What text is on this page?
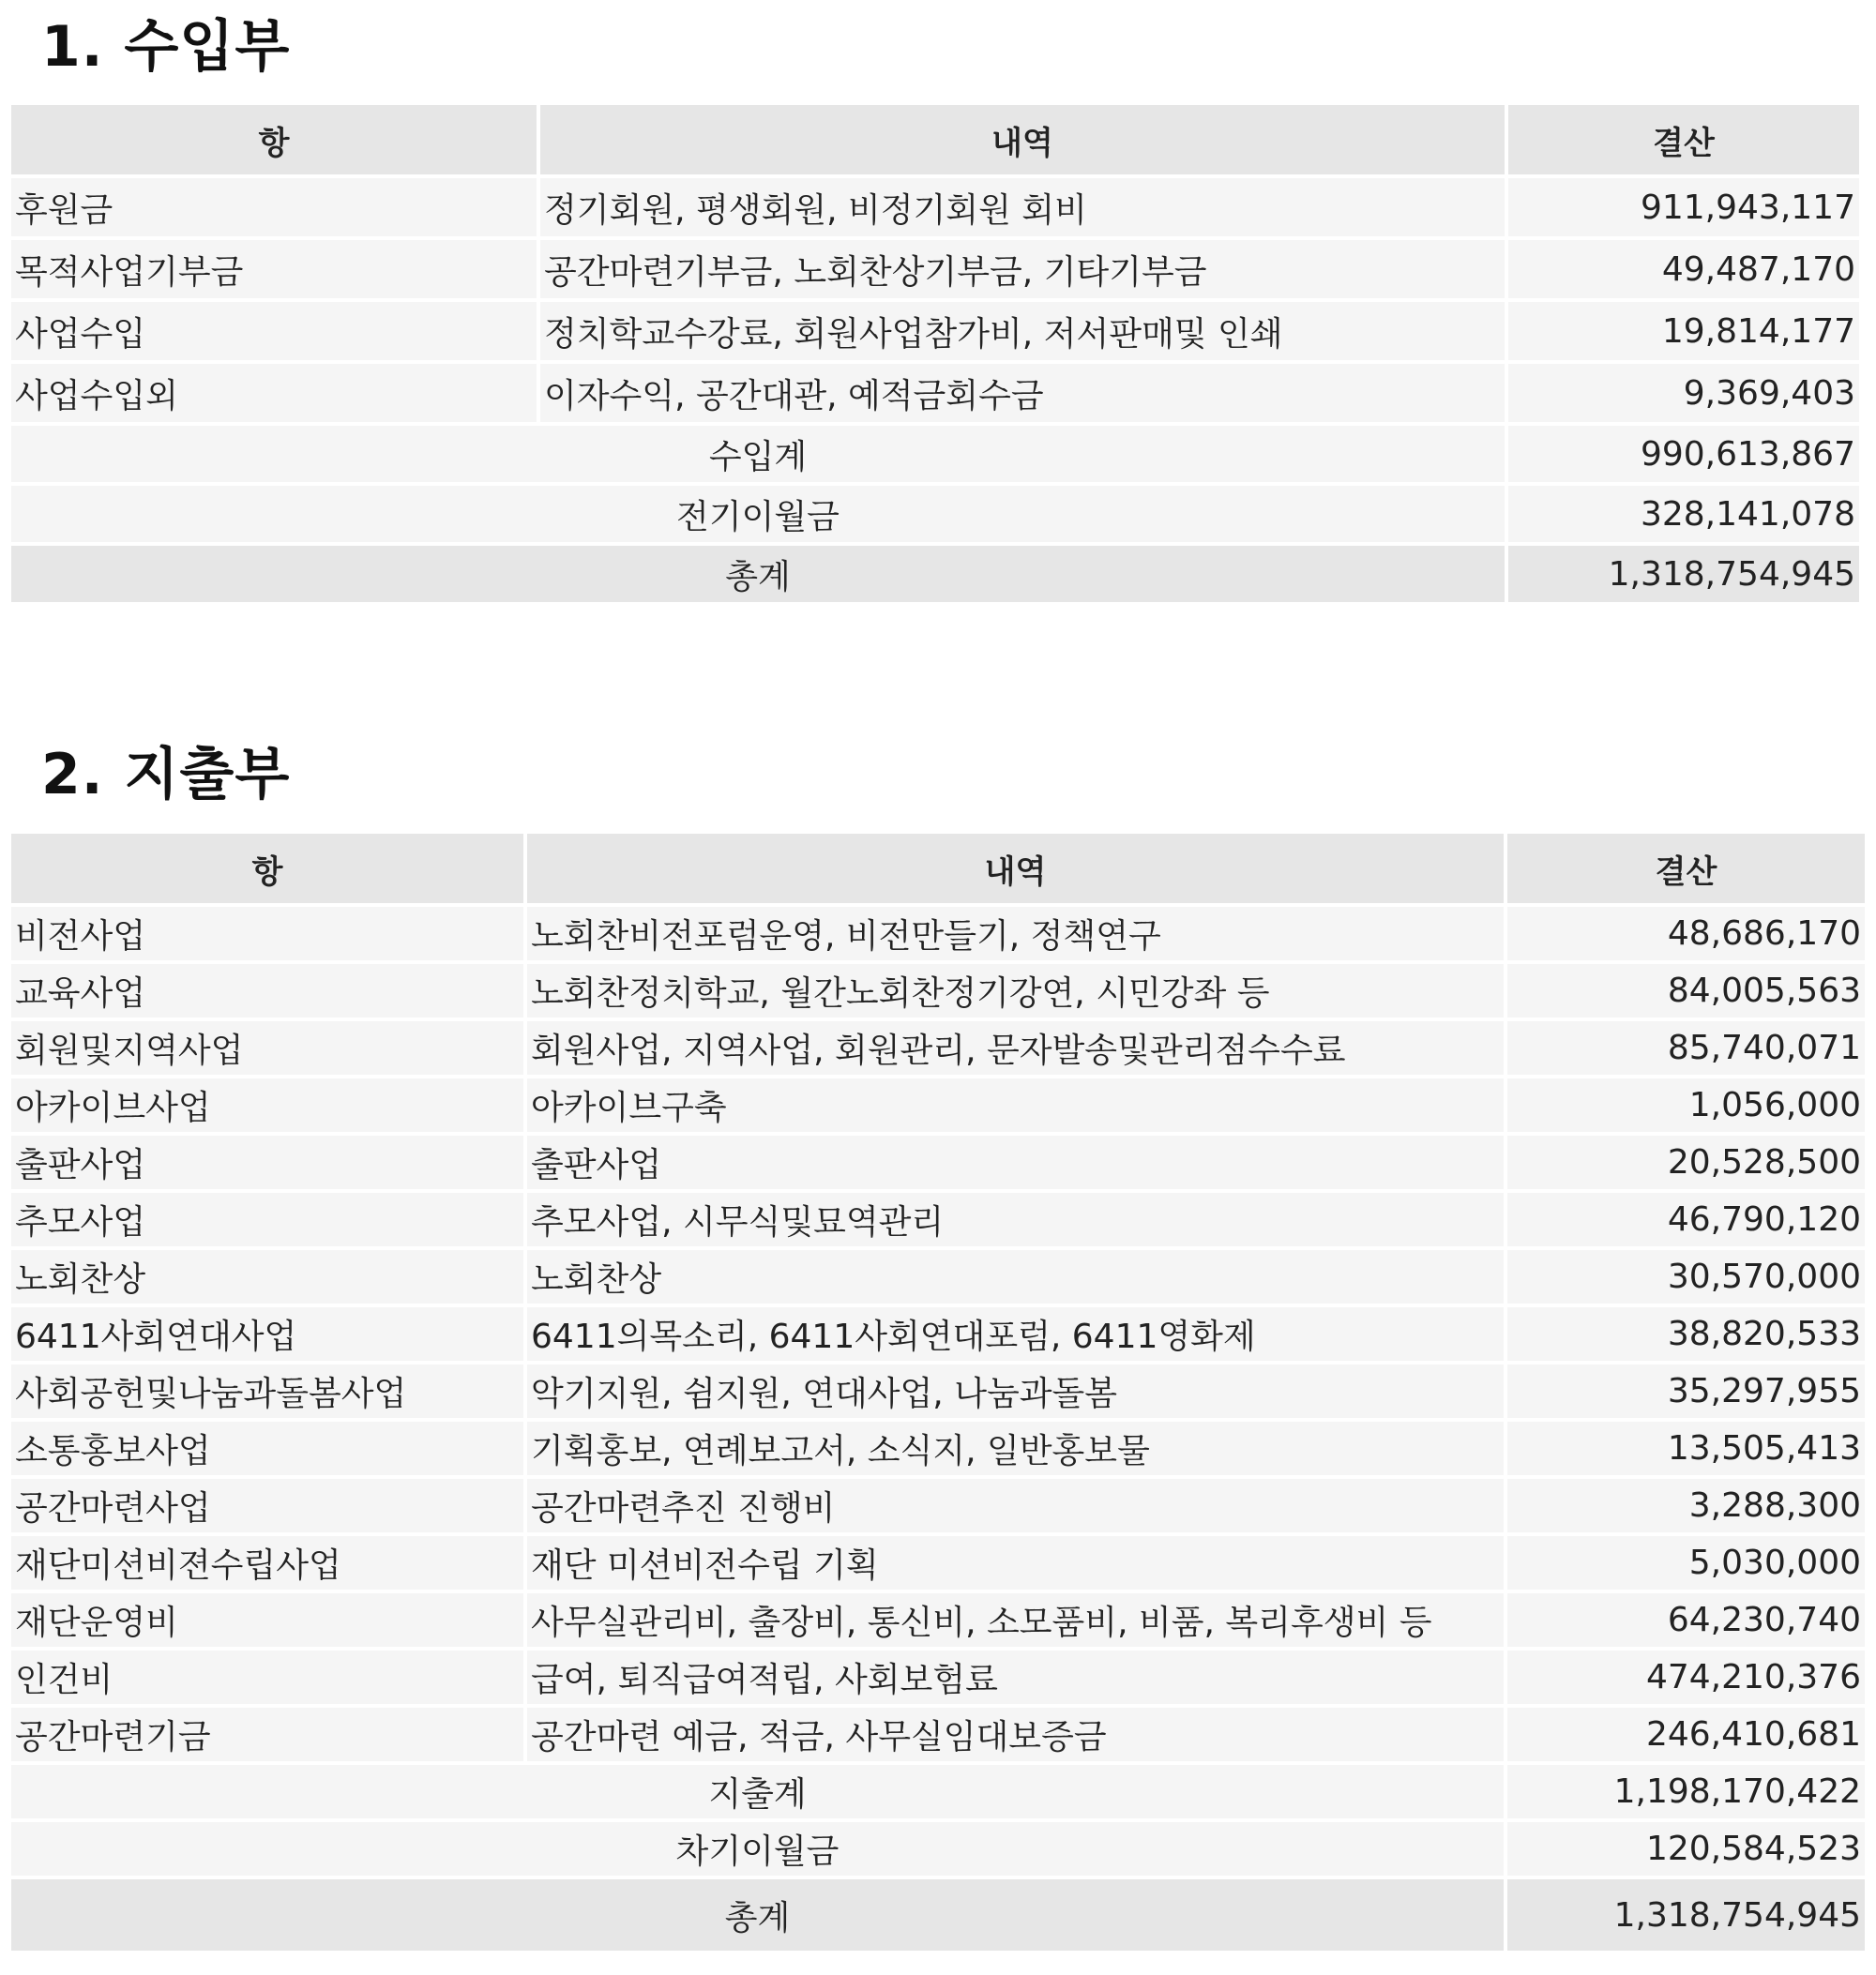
1. 수입부
항	내역	결산
후원금	정기회원, 평생회원, 비정기회원 회비	911,943,117
목적사업기부금	공간마련기부금, 노회찬상기부금, 기타기부금	49,487,170
사업수입	정치학교수강료, 회원사업참가비, 저서판매및 인쇄	19,814,177
사업수입외	이자수익, 공간대관, 예적금회수금	9,369,403
수입계		990,613,867
전기이월금		328,141,078
총계		1,318,754,945
2. 지출부
항	내역	결산
비전사업	노회찬비전포럼운영, 비전만들기, 정책연구	48,686,170
교육사업	노회찬정치학교, 월간노회찬정기강연, 시민강좌 등	84,005,563
회원및지역사업	회원사업, 지역사업, 회원관리, 문자발송및관리점수수료	85,740,071
아카이브사업	아카이브구축	1,056,000
출판사업	출판사업	20,528,500
추모사업	추모사업, 시무식및묘역관리	46,790,120
노회찬상	노회찬상	30,570,000
6411사회연대사업	6411의목소리, 6411사회연대포럼, 6411영화제	38,820,533
사회공헌및나눔과돌봄사업	악기지원, 쉼지원, 연대사업, 나눔과돌봄	35,297,955
소통홍보사업	기획홍보, 연례보고서, 소식지, 일반홍보물	13,505,413
공간마련사업	공간마련추진 진행비	3,288,300
재단미션비젼수립사업	재단 미션비전수립 기획	5,030,000
재단운영비	사무실관리비, 출장비, 통신비, 소모품비, 비품, 복리후생비 등	64,230,740
인건비	급여, 퇴직급여적립, 사회보험료	474,210,376
공간마련기금	공간마련 예금, 적금, 사무실임대보증금	246,410,681
지출계		1,198,170,422
차기이월금		120,584,523
총계		1,318,754,945
